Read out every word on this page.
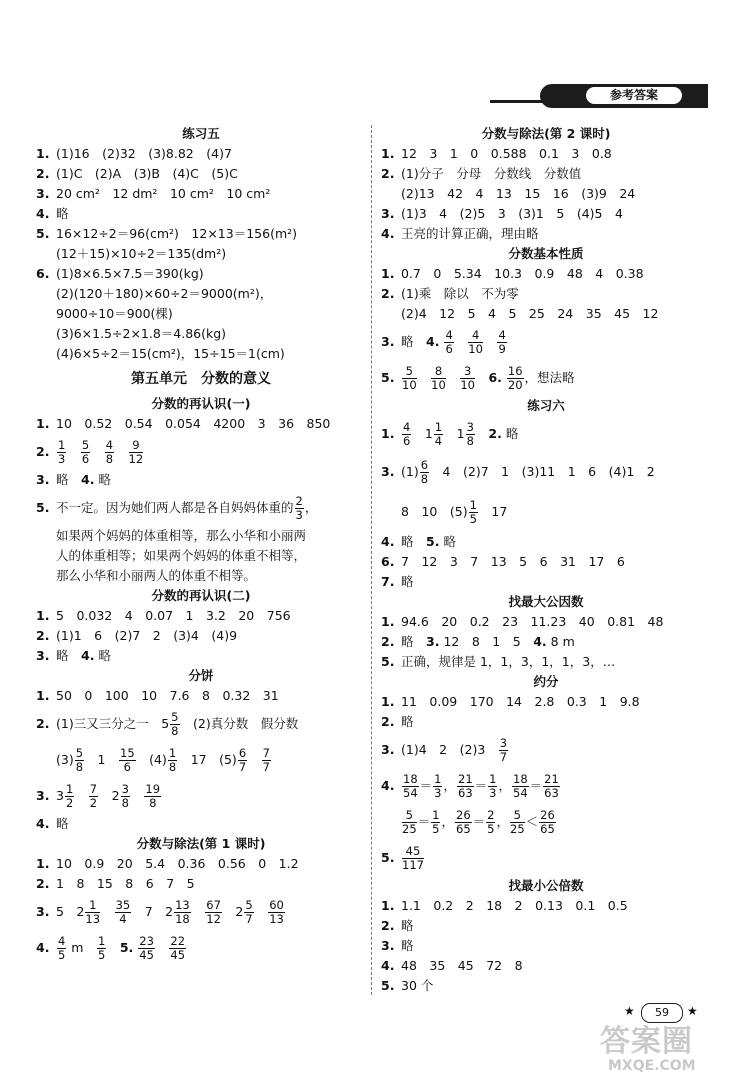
参考答案
练习五
1. (1)16　(2)32　(3)8.82　(4)7
2. (1)C　(2)A　(3)B　(4)C　(5)C
3. 20 cm²　12 dm²　10 cm²　10 cm²
4. 略
5. 16×12÷2＝96(cm²)　12×13＝156(m²)
(12＋15)×10÷2＝135(dm²)
6. (1)8×6.5×7.5＝390(kg)
(2)(120＋180)×60÷2＝9000(m²)，
9000÷10＝900(棵)
(3)6×1.5÷2×1.8＝4.86(kg)
(4)6×5÷2＝15(cm²)，15÷15＝1(cm)
第五单元　分数的意义
分数的再认识(一)
1. 10　0.52　0.54　0.054　4200　3　36　850
2. $\frac{1}{3}$
　 $\frac{5}{6}$
　 $\frac{4}{8}$
　 $\frac{9}{12}$
3. 略　4. 略
5. 不一定。因为她们两人都是各自妈妈体重的 $\frac{2}{3}$ ，
如果两个妈妈的体重相等，那么小华和小丽两
人的体重相等；如果两个妈妈的体重不相等，
那么小华和小丽两人的体重不相等。
分数的再认识(二)
1. 5　0.032　4　0.07　1　3.2　20　756
2. (1)1　6　(2)7　2　(3)4　(4)9
3. 略　4. 略
分饼
1. 50　0　100　10　7.6　8　0.32　31
2. (1)三又三分之一　$5 \frac{5}{8}$ 　(2)真分数　假分数
$(3) \frac{5}{8}$ 　1　 $\frac{15}{6}$ 　$(4) \frac{1}{8}$ 　17　$(5) \frac{6}{7}$
　 $\frac{7}{7}$
3. $3 \frac{1}{2}$
　 $\frac{7}{2}$ 　$2 \frac{3}{8}$
　 $\frac{19}{8}$
4. 略
分数与除法(第 1 课时)
1. 10　0.9　20　5.4　0.36　0.56　0　1.2
2. 1　8　15　8　6　7　5
3. 5　$2 \frac{1}{13}$
　 $\frac{35}{4}$ 　7　$2 \frac{13}{18}$
　 $\frac{67}{12}$ 　$2 \frac{5}{7}$
　 $\frac{60}{13}$
4. $\frac{4}{5}$ m　 $\frac{1}{5}$
　 5. $\frac{23}{45}$
　 $\frac{22}{45}$
分数与除法(第 2 课时)
1. 12　3　1　0　0.588　0.1　3　0.8
2. (1)分子　分母　分数线　分数值
(2)13　42　4　13　15　16　(3)9　24
3. (1)3　4　(2)5　3　(3)1　5　(4)5　4
4. 王亮的计算正确，理由略
分数基本性质
1. 0.7　0　5.34　10.3　0.9　48　4　0.38
2. (1)乘　除以　不为零
(2)4　12　5　4　5　25　24　35　45　12
3. 略　4. $\frac{4}{6}$
　 $\frac{4}{10}$
　 $\frac{4}{9}$
5. $\frac{5}{10}$
　 $\frac{8}{10}$
　 $\frac{3}{10}$
　 6. $\frac{16}{20}$ ，想法略
练习六
1. $\frac{4}{6}$ 　$1 \frac{1}{4}$ 　$1 \frac{3}{8}$
　 2. 略
3. $(1) \frac{6}{8}$ 　4　(2)7　1　(3)11　1　6　(4)1　2
8　10　$(5) \frac{1}{5}$ 　17
4. 略　5. 略
6. 7　12　3　7　13　5　6　31　17　6
7. 略
找最大公因数
1. 94.6　20　0.2　23　11.23　40　0.81　48
2. 略　3. 12　8　1　5　4. 8 m
5. 正确，规律是 1，1，3，1，1，3，…
约分
1. 11　0.09　170　14　2.8　0.3　1　9.8
2. 略
3. (1)4　2　(2)3　 $\frac{3}{7}$
4. $\frac{18}{54} = \frac{1}{3}$ ， $\frac{21}{63} = \frac{1}{3}$ ， $\frac{18}{54} = \frac{21}{63}$
$\frac{5}{25} = \frac{1}{5}$ ， $\frac{26}{65} = \frac{2}{5}$ ， $\frac{5}{25} < \frac{26}{65}$
5. $\frac{45}{117}$
找最小公倍数
1. 1.1　0.2　2　18　2　0.13　0.1　0.5
2. 略
3. 略
4. 48　35　45　72　8
5. 30 个
★	59	★
答案圈
MXQE.COM
